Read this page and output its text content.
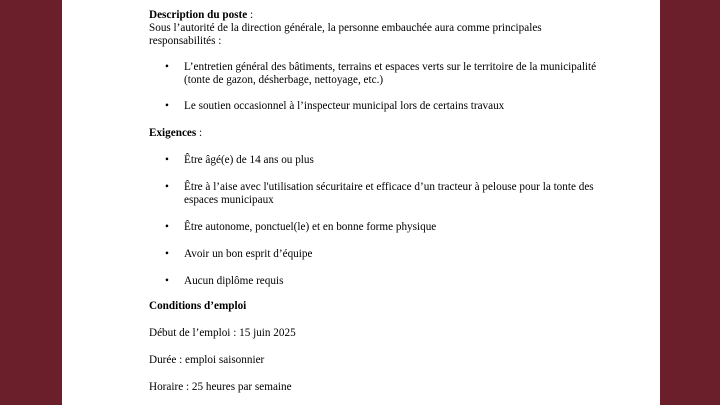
Description du poste :

Sous l’autorité de la direction générale, la personne embauchée aura comme principales responsabilités :

• L’entretien général des bâtiments, terrains et espaces verts sur le territoire de la municipalité (tonte de gazon, désherbage, nettoyage, etc.)
• Le soutien occasionnel à l’inspecteur municipal lors de certains travaux

Exigences :

• Être âgé(e) de 14 ans ou plus
• Être à l’aise avec l'utilisation sécuritaire et efficace d’un tracteur à pelouse pour la tonte des espaces municipaux
• Être autonome, ponctuel(le) et en bonne forme physique
• Avoir un bon esprit d’équipe
• Aucun diplôme requis

Conditions d’emploi

Début de l’emploi : 15 juin 2025

Durée : emploi saisonnier

Horaire : 25 heures par semaine
